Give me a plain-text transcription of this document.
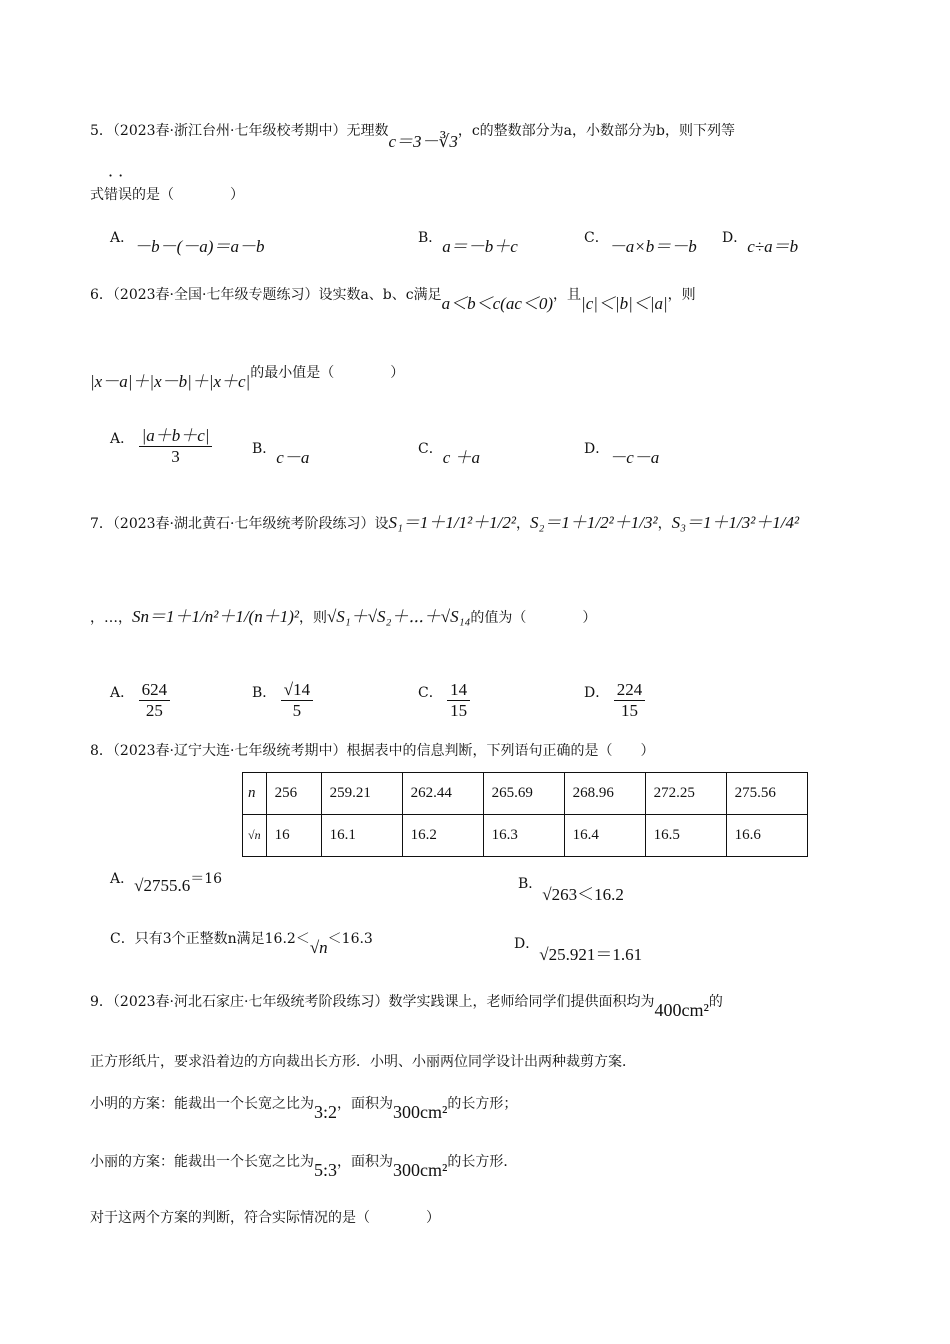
5．（2023春·浙江台州·七年级校考期中）无理数c＝3－∛3，c的整数部分为a，小数部分为b，则下列等
· ·
式错误的是（　　　　）
A．－b－(－a)＝a－b	B．a＝－b＋c	C．－a×b＝－b D．c÷a＝b
6．（2023春·全国·七年级专题练习）设实数a、b、c满足a＜b＜c(ac＜0)，且|c|＜|b|＜|a|，则
|x－a|＋|x－b|＋|x＋c|的最小值是（　　　　）
A． $\frac{|a+b+c|}{3}$	B．c－a	C．c ＋a	D．－c－a
7．（2023春·湖北黄石·七年级统考阶段练习）设S₁＝1＋1/1²＋1/2²，S₂＝1＋1/2²＋1/3²，S₃＝1＋1/3²＋1/4²
，…，Sn＝1＋1/n²＋1/(n＋1)²，则√S₁＋√S₂＋⋯＋√S₁₄的值为（　　　　）
A． $\frac{624}{25}$	B． $\frac{√14}{5}$	C． $\frac{14}{15}$	D． $\frac{224}{15}$
8．（2023春·辽宁大连·七年级统考期中）根据表中的信息判断，下列语句正确的是（　　）
n	256	259.21	262.44	265.69	268.96	272.25	275.56
√n	16	16.1	16.2	16.3	16.4	16.5	16.6
A．√2755.6＝16	B．√263＜16.2
C．只有3个正整数n满足16.2＜√n＜16.3	D．√25.921＝1.61
9．（2023春·河北石家庄·七年级统考阶段练习）数学实践课上，老师给同学们提供面积均为400cm²的
正方形纸片，要求沿着边的方向裁出长方形．小明、小丽两位同学设计出两种裁剪方案．
小明的方案：能裁出一个长宽之比为3:2，面积为300cm²的长方形；
小丽的方案：能裁出一个长宽之比为5:3，面积为300cm²的长方形．
对于这两个方案的判断，符合实际情况的是（　　　　）
